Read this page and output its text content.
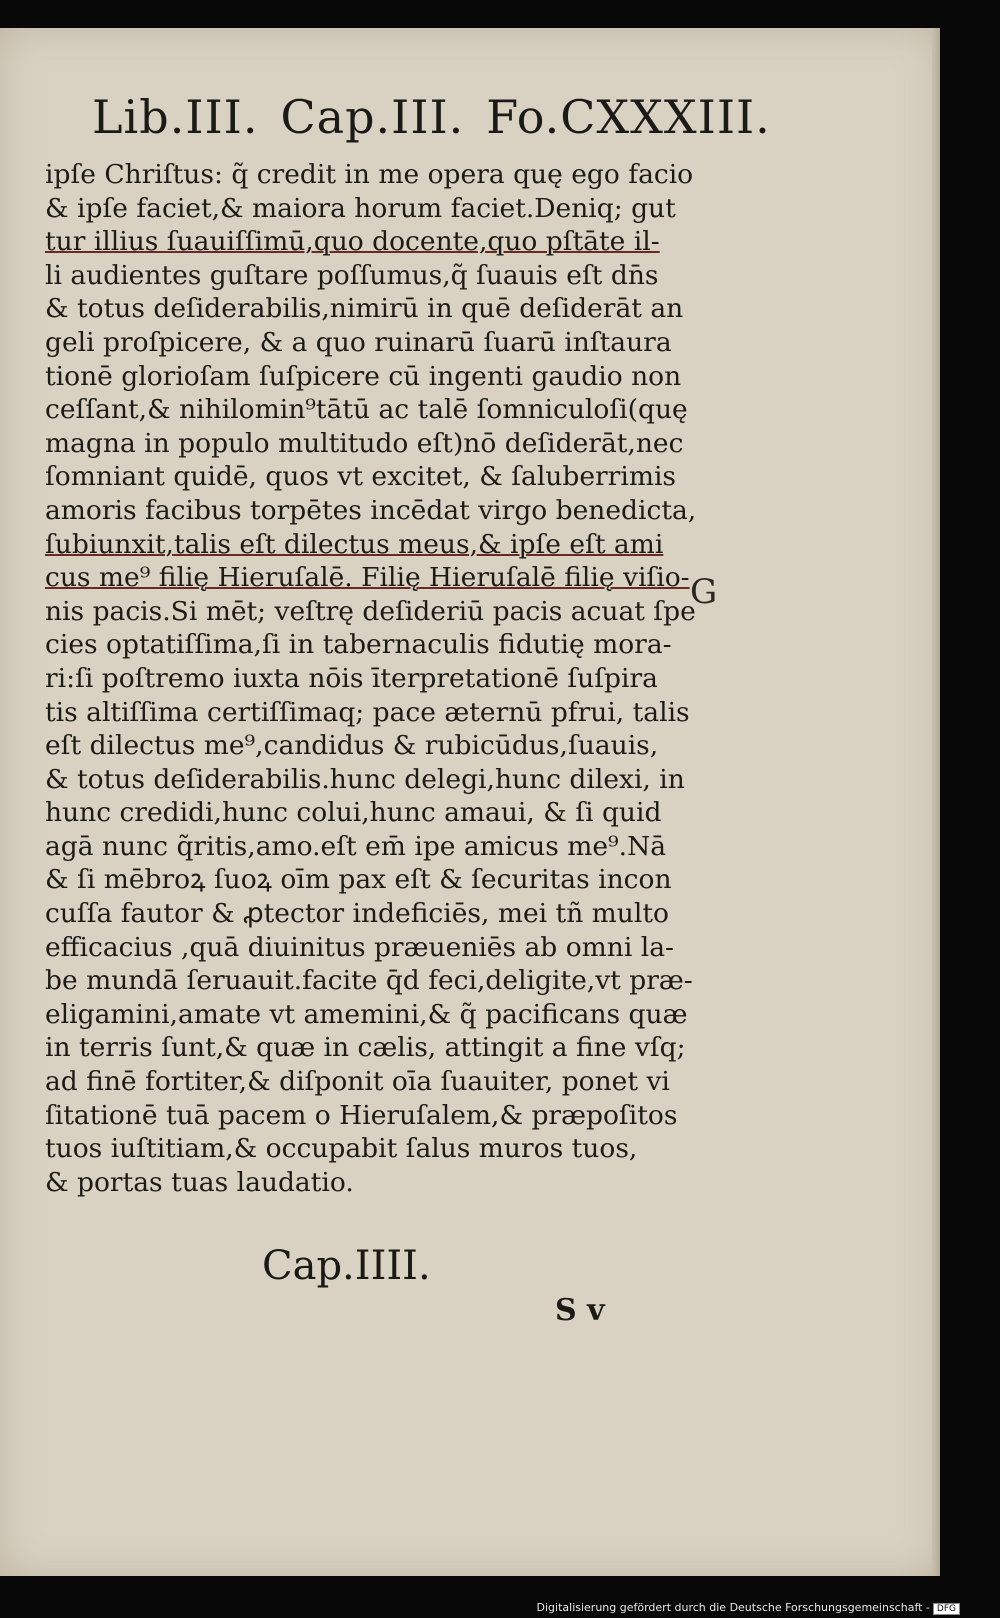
Lib.III. Cap.III. Fo.CXXXIII.
ipſe Chriſtus: q̃ credit in me opera quę ego facio
& ipſe faciet,& maiora horum faciet.Deniq; gut
tur illius ſuauiſſimū,quo docente,quo pſtāte il-
li audientes guſtare poſſumus,q̃ ſuauis eſt dn̄s
& totus deſiderabilis,nimirū in quē deſiderāt an
geli proſpicere, & a quo ruinarū ſuarū inſtaura
tionē glorioſam ſuſpicere cū ingenti gaudio non
ceſſant,& nihilomin⁹tātū ac talē ſomniculoſi(quę
magna in populo multitudo eſt)nō deſiderāt,nec
ſomniant quidē, quos vt excitet, & ſaluberrimis
amoris facibus torpētes incēdat virgo benedicta,
ſubiunxit,talis eſt dilectus meus,& ipſe eſt ami
cus me⁹ filię Hieruſalē. Filię Hieruſalē filię viſio-
nis pacis.Si mēt; veſtrę deſideriū pacis acuat ſpe
cies optatiſſima,ſi in tabernaculis fidutię mora-
ri:ſi poſtremo iuxta nōis īterpretationē ſuſpira
tis altiſſima certiſſimaq; pace æternū pfrui, talis
eſt dilectus me⁹,candidus & rubicūdus,ſuauis,
& totus deſiderabilis.hunc delegi,hunc dilexi, in
hunc credidi,hunc colui,hunc amaui, & ſi quid
agā nunc q̃ritis,amo.eſt em̄ ipe amicus me⁹.Nā
& ſi mēbroꝝ ſuoꝝ oīm pax eſt & ſecuritas incon
cuſſa fautor & ꝓtector indeficiēs, mei tñ multo
efficacius ,quā diuinitus præueniēs ab omni la-
be mundā ſeruauit.facite q̄d feci,deligite,vt præ-
eligamini,amate vt amemini,& q̃ pacificans quæ
in terris ſunt,& quæ in cælis, attingit a fine vſq;
ad finē fortiter,& diſponit oīa ſuauiter, ponet vi
ſitationē tuā pacem o Hieruſalem,& præpoſitos
tuos iuſtitiam,& occupabit ſalus muros tuos,
& portas tuas laudatio.
G
Cap.IIII.
S v
Digitalisierung gefördert durch die Deutsche Forschungsgemeinschaft - DFG
